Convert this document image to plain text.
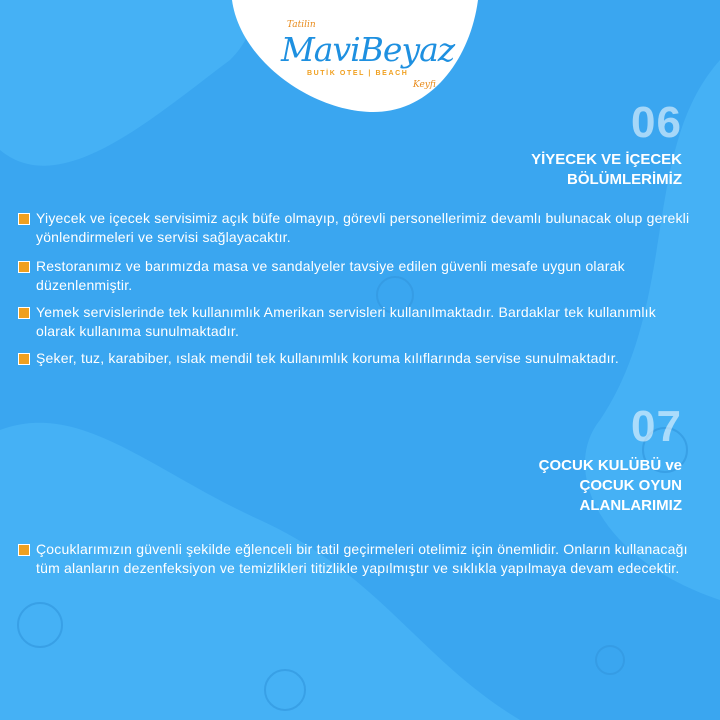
Tatilin
MaviBeyaz
BUTİK OTEL | BEACH
Keyfi
06
YİYECEK VE İÇECEK
BÖLÜMLERİMİZ
Yiyecek ve içecek servisimiz açık büfe olmayıp, görevli personellerimiz devamlı bulunacak olup gerekli yönlendirmeleri ve servisi sağlayacaktır.
Restoranımız ve barımızda masa ve sandalyeler tavsiye edilen güvenli mesafe uygun olarak düzenlenmiştir.
Yemek servislerinde tek kullanımlık Amerikan servisleri kullanılmaktadır. Bardaklar tek kullanımlık olarak kullanıma sunulmaktadır.
Şeker, tuz, karabiber, ıslak mendil tek kullanımlık koruma kılıflarında servise sunulmaktadır.
07
ÇOCUK KULÜBÜ ve
ÇOCUK OYUN
ALANLARIMIZ
Çocuklarımızın güvenli şekilde eğlenceli bir tatil geçirmeleri otelimiz için önemlidir. Onların kullanacağı tüm alanların dezenfeksiyon ve temizlikleri titizlikle yapılmıştır ve sıklıkla yapılmaya devam edecektir.
